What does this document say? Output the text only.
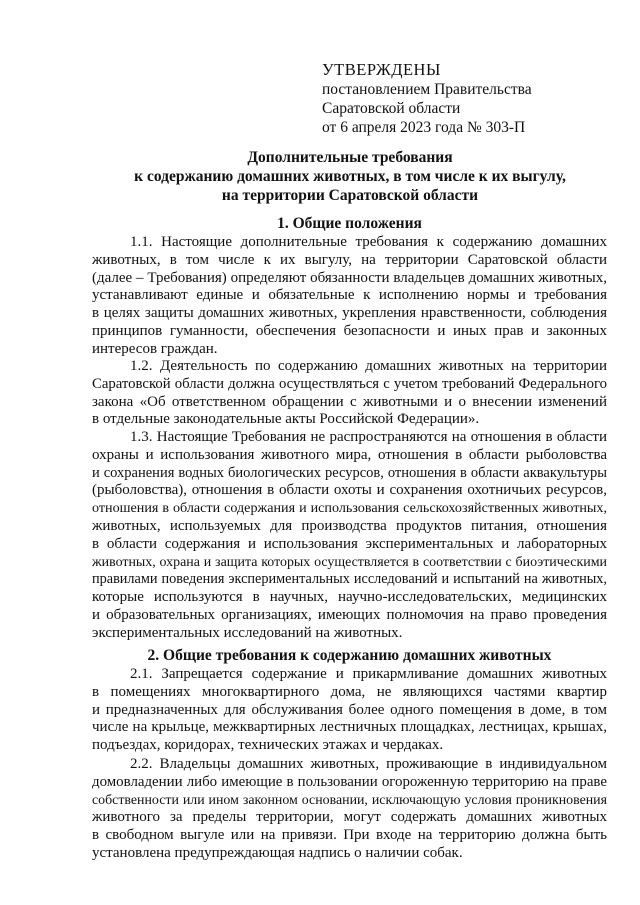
УТВЕРЖДЕНЫ
постановлением Правительства
Саратовской области
от 6 апреля 2023 года № 303-П
Дополнительные требования
к содержанию домашних животных, в том числе к их выгулу,
на территории Саратовской области
1. Общие положения
1.1. Настоящие дополнительные требования к содержанию домашних
животных, в том числе к их выгулу, на территории Саратовской области
(далее – Требования) определяют обязанности владельцев домашних животных,
устанавливают единые и обязательные к исполнению нормы и требования
в целях защиты домашних животных, укрепления нравственности, соблюдения
принципов гуманности, обеспечения безопасности и иных прав и законных
интересов граждан.
1.2. Деятельность по содержанию домашних животных на территории
Саратовской области должна осуществляться с учетом требований Федерального
закона «Об ответственном обращении с животными и о внесении изменений
в отдельные законодательные акты Российской Федерации».
1.3. Настоящие Требования не распространяются на отношения в области
охраны и использования животного мира, отношения в области рыболовства
и сохранения водных биологических ресурсов, отношения в области аквакультуры
(рыболовства), отношения в области охоты и сохранения охотничьих ресурсов,
отношения в области содержания и использования сельскохозяйственных животных,
животных, используемых для производства продуктов питания, отношения
в области содержания и использования экспериментальных и лабораторных
животных, охрана и защита которых осуществляется в соответствии с биоэтическими
правилами поведения экспериментальных исследований и испытаний на животных,
которые используются в научных, научно-исследовательских, медицинских
и образовательных организациях, имеющих полномочия на право проведения
экспериментальных исследований на животных.
2. Общие требования к содержанию домашних животных
2.1. Запрещается содержание и прикармливание домашних животных
в помещениях многоквартирного дома, не являющихся частями квартир
и предназначенных для обслуживания более одного помещения в доме, в том
числе на крыльце, межквартирных лестничных площадках, лестницах, крышах,
подъездах, коридорах, технических этажах и чердаках.
2.2. Владельцы домашних животных, проживающие в индивидуальном
домовладении либо имеющие в пользовании огороженную территорию на праве
собственности или ином законном основании, исключающую условия проникновения
животного за пределы территории, могут содержать домашних животных
в свободном выгуле или на привязи. При входе на территорию должна быть
установлена предупреждающая надпись о наличии собак.
